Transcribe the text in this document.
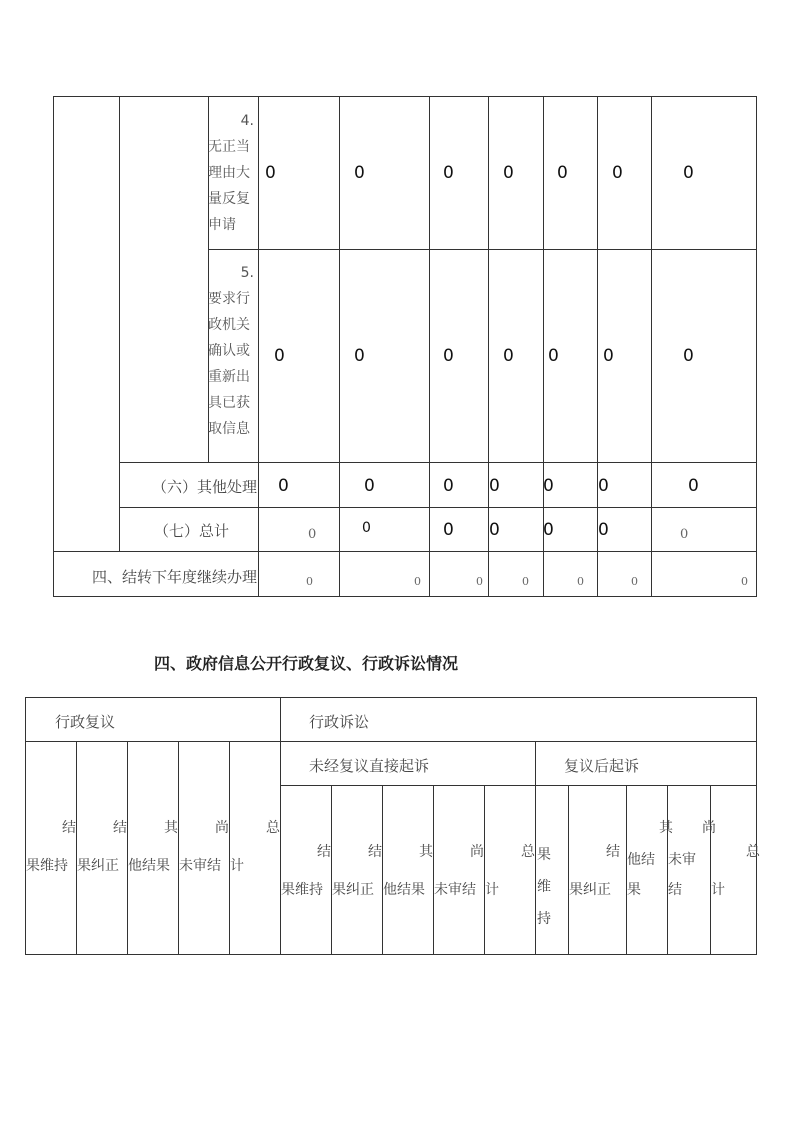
4.
无正当
理由大
量反复
申请
0	0	0	0	0	0	0
5.
要求行
政机关
确认或
重新出
具已获
取信息
0	0	0	0 0	0	0
（六）其他处理 0	0	0 0	0	0	0
（七）总计	0	0	0 0	0	0	0
四、结转下年度继续办理	0	0	0	0	0	0	0
四、政府信息公开行政复议、行政诉讼情况
行政复议	行政诉讼
未经复议直接起诉	复议后起诉
结
果维持
结
果纠正
其
他结果
尚
未审结
总
计
结
果维持
结
果纠正
其
他结果
尚
未审结
总
计
果
维
持
结
果纠正
其
他结
果
尚
未审
结
总
计
